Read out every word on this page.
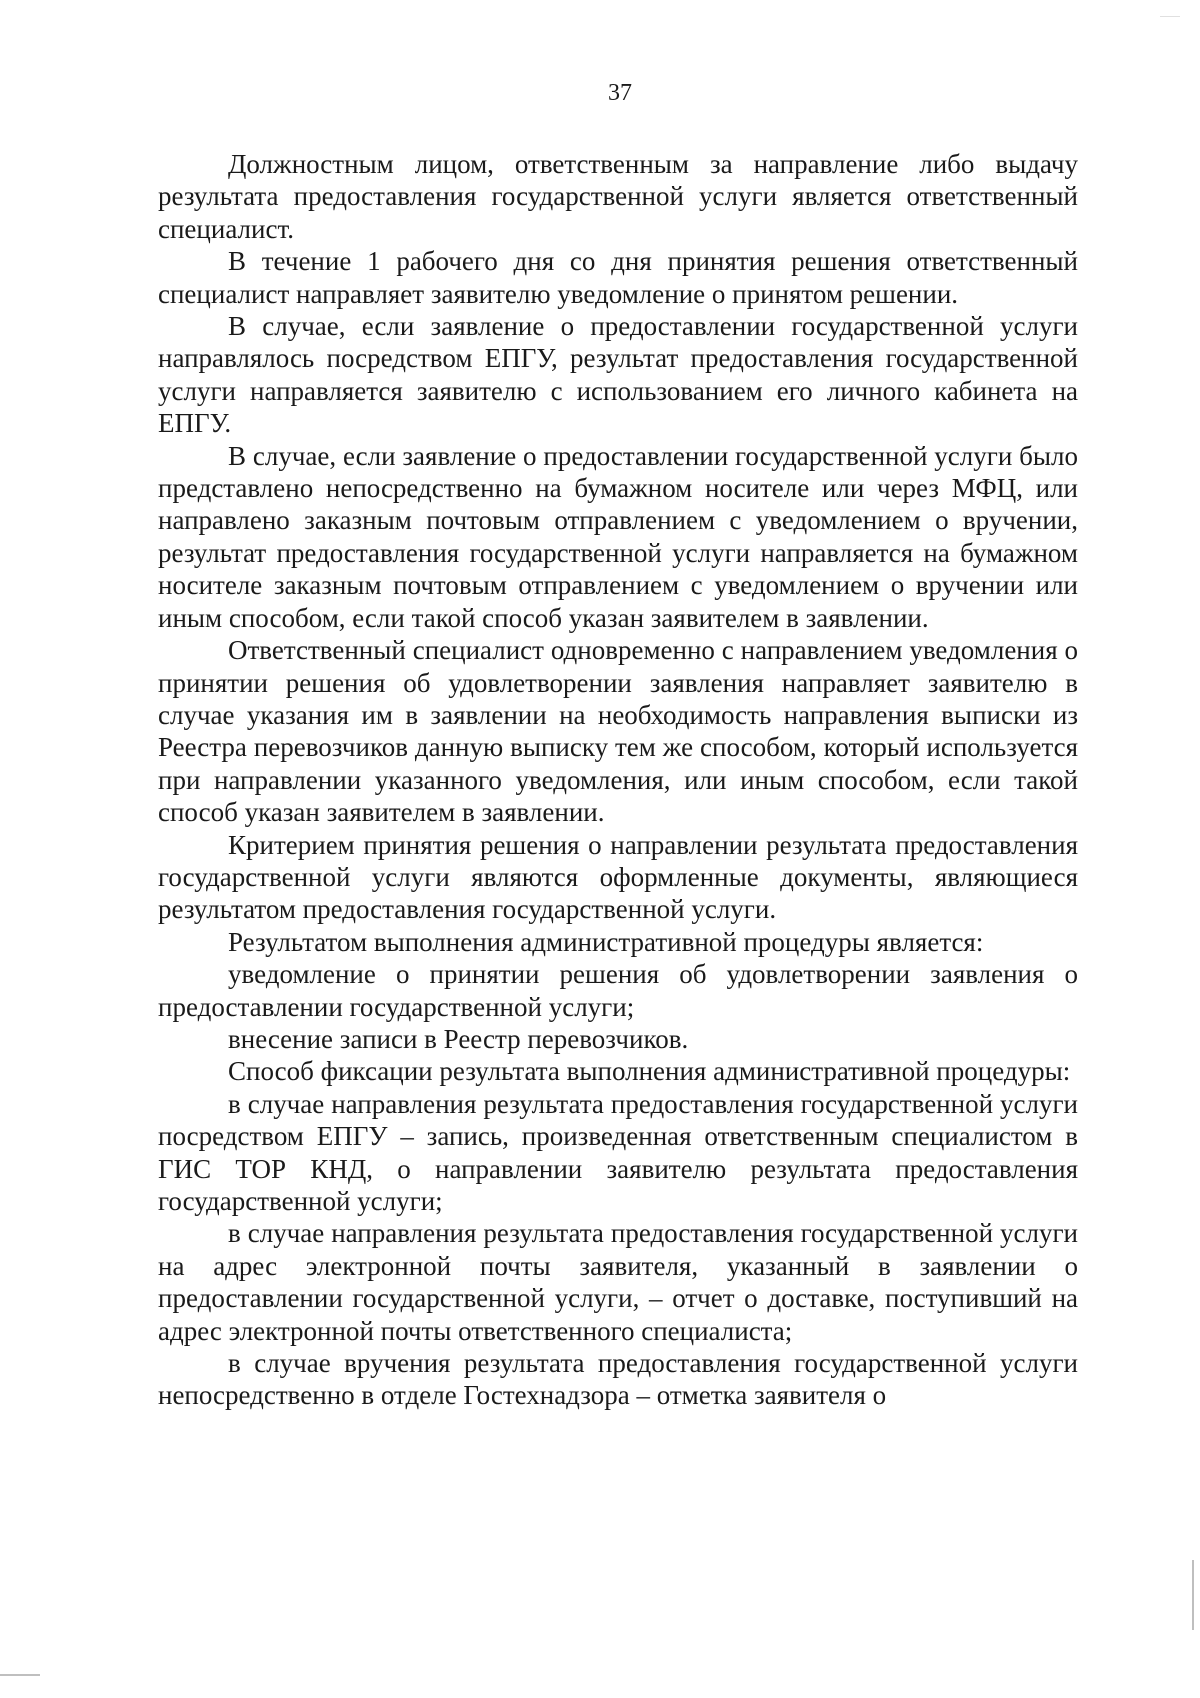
37

Должностным лицом, ответственным за направление либо выдачу результата предоставления государственной услуги является ответственный специалист.

В течение 1 рабочего дня со дня принятия решения ответственный специалист направляет заявителю уведомление о принятом решении.

В случае, если заявление о предоставлении государственной услуги направлялось посредством ЕПГУ, результат предоставления государственной услуги направляется заявителю с использованием его личного кабинета на ЕПГУ.

В случае, если заявление о предоставлении государственной услуги было представлено непосредственно на бумажном носителе или через МФЦ, или направлено заказным почтовым отправлением с уведомлением о вручении, результат предоставления государственной услуги направляется на бумажном носителе заказным почтовым отправлением с уведомлением о вручении или иным способом, если такой способ указан заявителем в заявлении.

Ответственный специалист одновременно с направлением уведомления о принятии решения об удовлетворении заявления направляет заявителю в случае указания им в заявлении на необходимость направления выписки из Реестра перевозчиков данную выписку тем же способом, который используется при направлении указанного уведомления, или иным способом, если такой способ указан заявителем в заявлении.

Критерием принятия решения о направлении результата предоставления государственной услуги являются оформленные документы, являющиеся результатом предоставления государственной услуги.

Результатом выполнения административной процедуры является:

уведомление о принятии решения об удовлетворении заявления о предоставлении государственной услуги;

внесение записи в Реестр перевозчиков.

Способ фиксации результата выполнения административной процедуры:

в случае направления результата предоставления государственной услуги посредством ЕПГУ – запись, произведенная ответственным специалистом в ГИС ТОР КНД, о направлении заявителю результата предоставления государственной услуги;

в случае направления результата предоставления государственной услуги на адрес электронной почты заявителя, указанный в заявлении о предоставлении государственной услуги, – отчет о доставке, поступивший на адрес электронной почты ответственного специалиста;

в случае вручения результата предоставления государственной услуги непосредственно в отделе Гостехнадзора – отметка заявителя о
